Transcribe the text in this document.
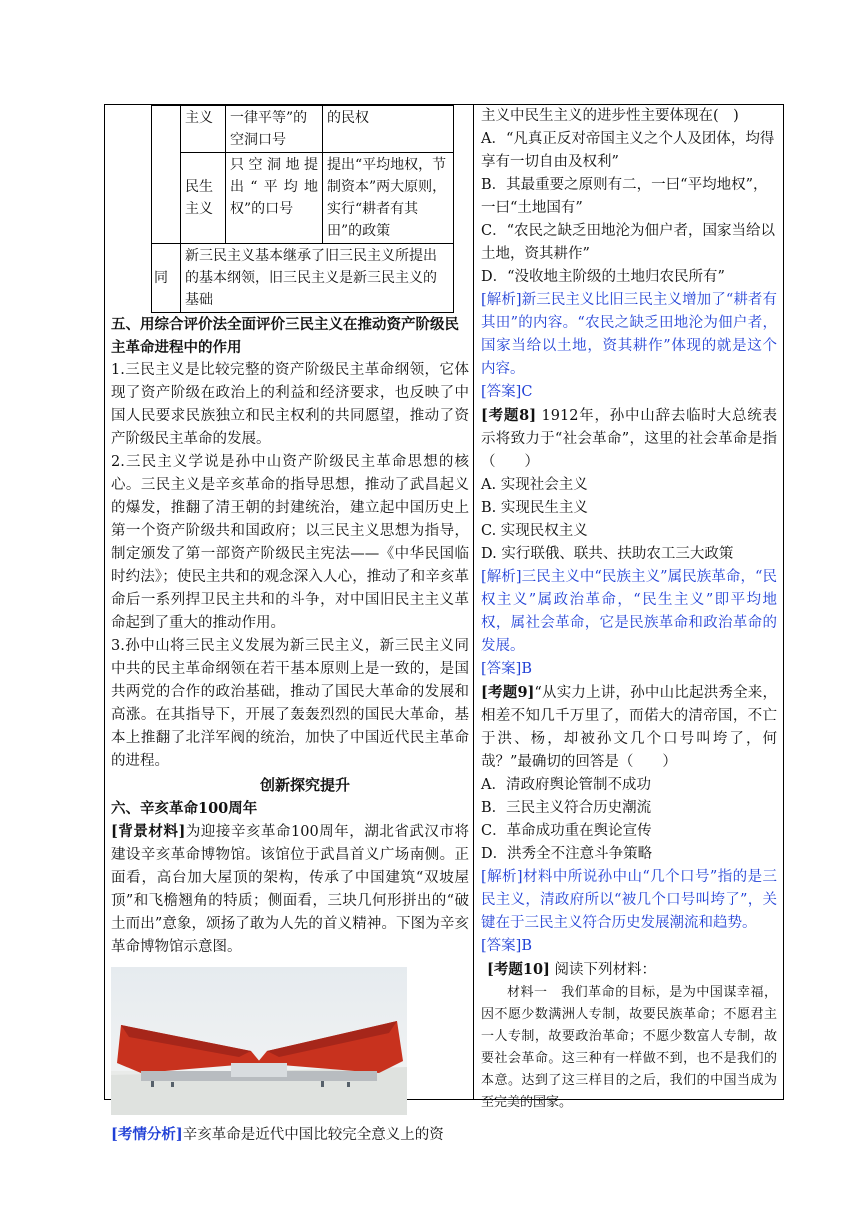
	主义	一律平等”的空洞口号	的民权
	民生主义	只空洞地提出“平均地权”的口号	提出“平均地权，节制资本”两大原则，实行“耕者有其田”的政策
同	新三民主义基本继承了旧三民主义所提出的基本纲领，旧三民主义是新三民主义的基础		
五、用综合评价法全面评价三民主义在推动资产阶级民主革命进程中的作用

1.三民主义是比较完整的资产阶级民主革命纲领，它体现了资产阶级在政治上的利益和经济要求，也反映了中国人民要求民族独立和民主权利的共同愿望，推动了资产阶级民主革命的发展。

2.三民主义学说是孙中山资产阶级民主革命思想的核心。三民主义是辛亥革命的指导思想，推动了武昌起义的爆发，推翻了清王朝的封建统治，建立起中国历史上第一个资产阶级共和国政府；以三民主义思想为指导，制定颁发了第一部资产阶级民主宪法——《中华民国临时约法》；使民主共和的观念深入人心，推动了和辛亥革命后一系列捍卫民主共和的斗争，对中国旧民主主义革命起到了重大的推动作用。

3.孙中山将三民主义发展为新三民主义，新三民主义同中共的民主革命纲领在若干基本原则上是一致的，是国共两党的合作的政治基础，推动了国民大革命的发展和高涨。在其指导下，开展了轰轰烈烈的国民大革命，基本上推翻了北洋军阀的统治，加快了中国近代民主革命的进程。

创新探究提升
六、辛亥革命100周年

[背景材料]为迎接辛亥革命100周年，湖北省武汉市将建设辛亥革命博物馆。该馆位于武昌首义广场南侧。正面看，高台加大屋顶的架构，传承了中国建筑“双坡屋顶”和飞檐翘角的特质；侧面看，三块几何形拼出的“破土而出”意象，颂扬了敢为人先的首义精神。下图为辛亥革命博物馆示意图。

[考情分析]辛亥革命是近代中国比较完全意义上的资

主义中民生主义的进步性主要体现在(　)

A．“凡真正反对帝国主义之个人及团体，均得享有一切自由及权利”

B．其最重要之原则有二，一曰“平均地权”，一曰“土地国有”

C．“农民之缺乏田地沦为佃户者，国家当给以土地，资其耕作”

D．“没收地主阶级的土地归农民所有”

[解析]新三民主义比旧三民主义增加了“耕者有其田”的内容。“农民之缺乏田地沦为佃户者，国家当给以土地，资其耕作”体现的就是这个内容。

[答案]C

[考题8] 1912年，孙中山辞去临时大总统表示将致力于“社会革命”，这里的社会革命是指（　　）

A. 实现社会主义

B. 实现民生主义

C. 实现民权主义

D. 实行联俄、联共、扶助农工三大政策

[解析]三民主义中“民族主义”属民族革命，“民权主义”属政治革命，“民生主义”即平均地权，属社会革命，它是民族革命和政治革命的发展。

[答案]B

[考题9]“从实力上讲，孙中山比起洪秀全来，相差不知几千万里了，而偌大的清帝国，不亡于洪、杨，却被孙文几个口号叫垮了，何哉？”最确切的回答是（　　）

A．清政府舆论管制不成功

B．三民主义符合历史潮流

C．革命成功重在舆论宣传

D．洪秀全不注意斗争策略

[解析]材料中所说孙中山“几个口号”指的是三民主义，清政府所以“被几个口号叫垮了”，关键在于三民主义符合历史发展潮流和趋势。

[答案]B

[考题10] 阅读下列材料：

材料一　我们革命的目标，是为中国谋幸福，因不愿少数满洲人专制，故要民族革命；不愿君主一人专制，故要政治革命；不愿少数富人专制，故要社会革命。这三种有一样做不到，也不是我们的本意。达到了这三样目的之后，我们的中国当成为至完美的国家。
